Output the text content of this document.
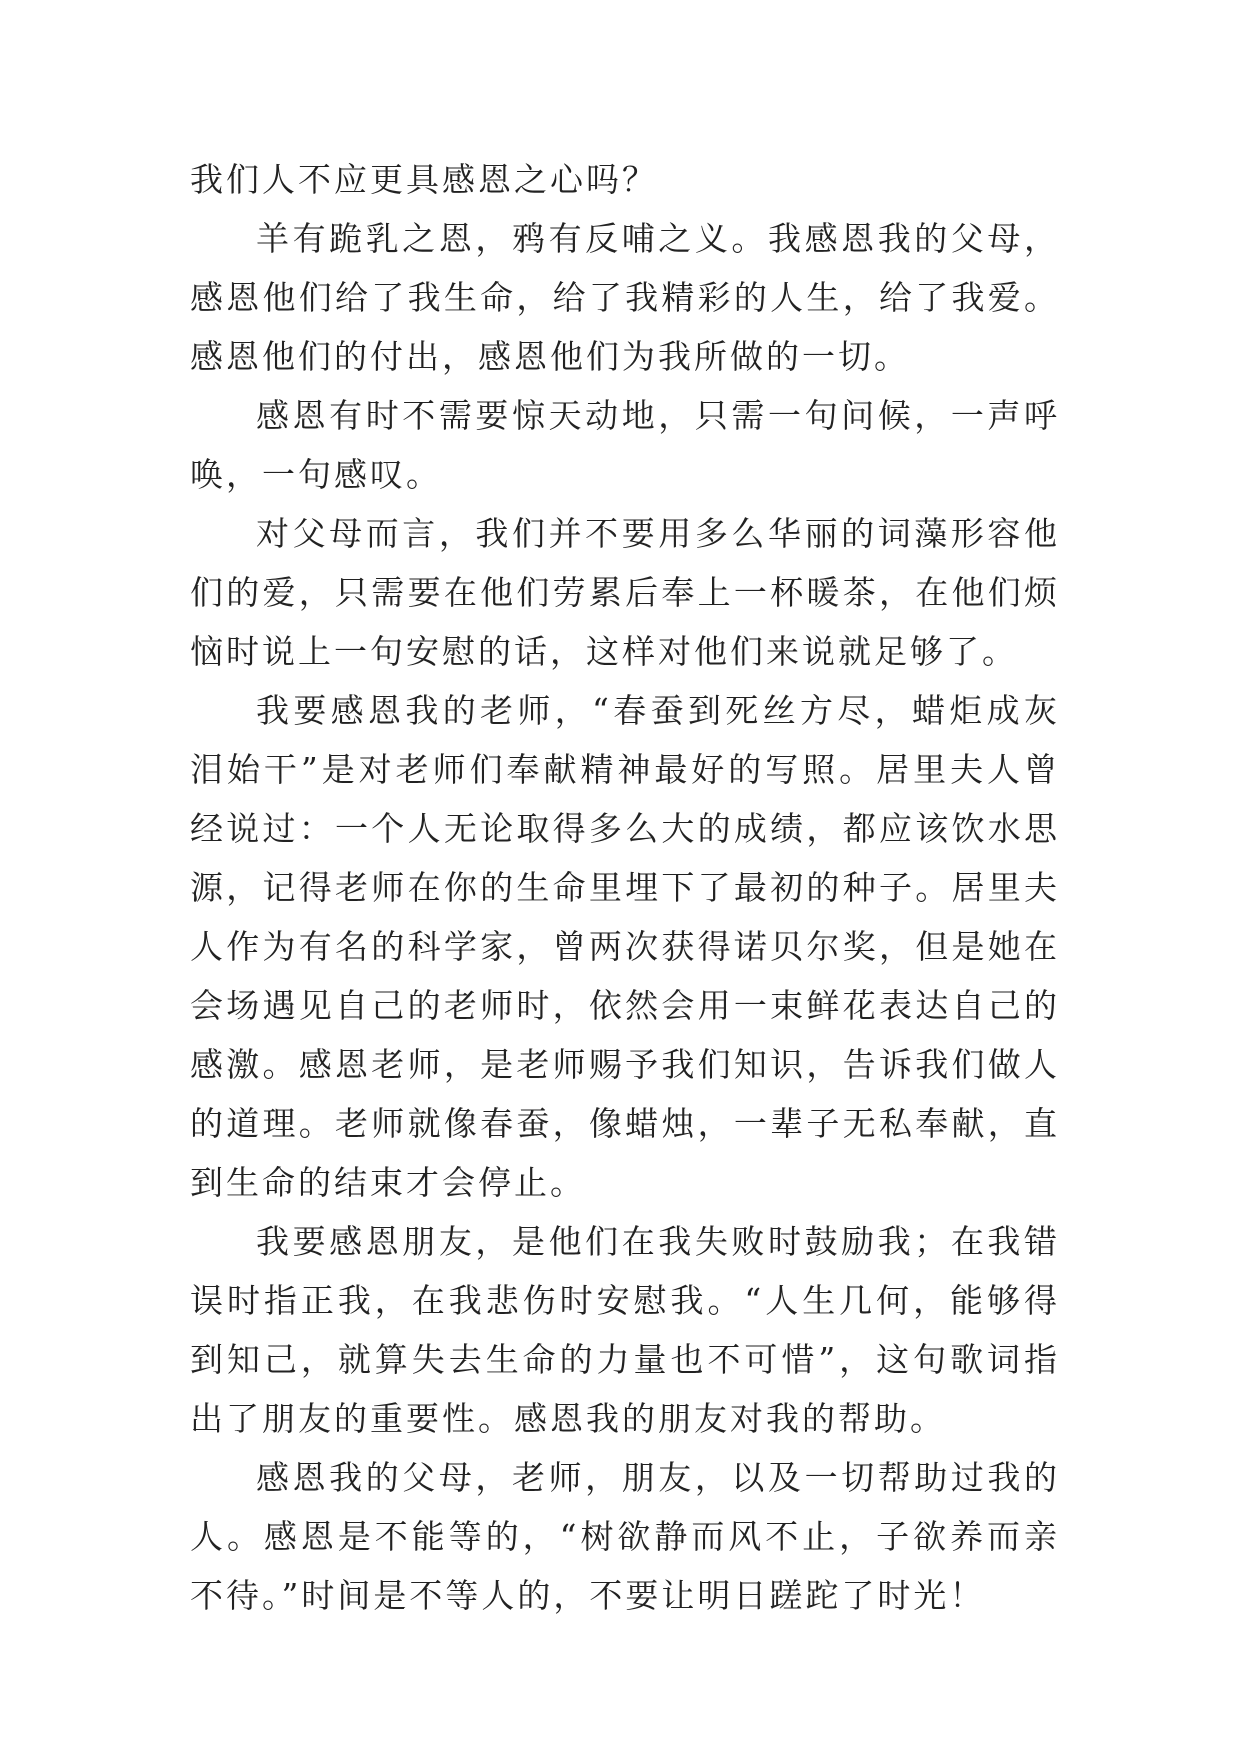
我们人不应更具感恩之心吗？

羊有跪乳之恩，鸦有反哺之义。我感恩我的父母，感恩他们给了我生命，给了我精彩的人生，给了我爱。感恩他们的付出，感恩他们为我所做的一切。

感恩有时不需要惊天动地，只需一句问候，一声呼唤，一句感叹。

对父母而言，我们并不要用多么华丽的词藻形容他们的爱，只需要在他们劳累后奉上一杯暖茶，在他们烦恼时说上一句安慰的话，这样对他们来说就足够了。

我要感恩我的老师，“春蚕到死丝方尽，蜡炬成灰泪始干”是对老师们奉献精神最好的写照。居里夫人曾经说过：一个人无论取得多么大的成绩，都应该饮水思源，记得老师在你的生命里埋下了最初的种子。居里夫人作为有名的科学家，曾两次获得诺贝尔奖，但是她在会场遇见自己的老师时，依然会用一束鲜花表达自己的感激。感恩老师，是老师赐予我们知识，告诉我们做人的道理。老师就像春蚕，像蜡烛，一辈子无私奉献，直到生命的结束才会停止。

我要感恩朋友，是他们在我失败时鼓励我；在我错误时指正我，在我悲伤时安慰我。“人生几何，能够得到知己，就算失去生命的力量也不可惜”，这句歌词指出了朋友的重要性。感恩我的朋友对我的帮助。

感恩我的父母，老师，朋友，以及一切帮助过我的人。感恩是不能等的，“树欲静而风不止，子欲养而亲不待。”时间是不等人的，不要让明日蹉跎了时光！
